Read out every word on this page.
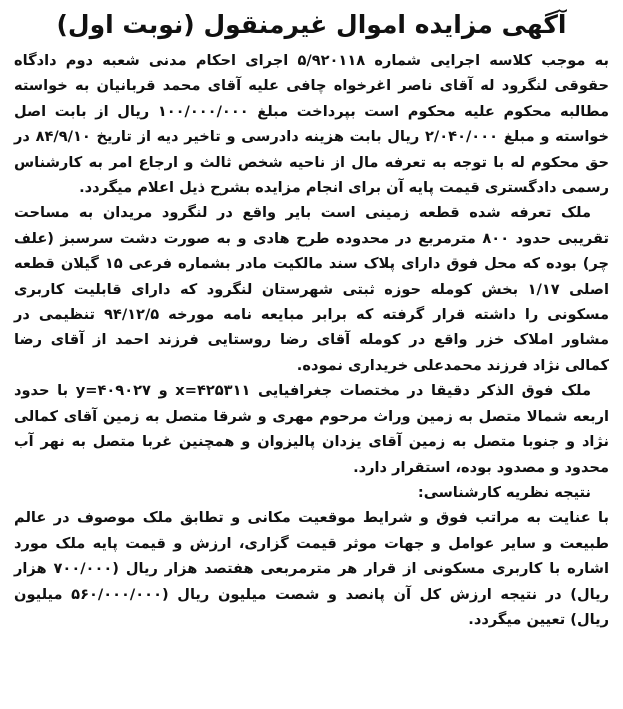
آگهی مزایده اموال غیرمنقول (نوبت اول)

به موجب کلاسه اجرایی شماره ۵/۹۲۰۱۱۸ اجرای احکام مدنی شعبه دوم دادگاه حقوقی لنگرود له آقای ناصر اغرخواه چافی علیه آقای محمد قربانیان به خواسته مطالبه محکوم علیه محکوم است بپرداخت مبلغ ۱۰۰/۰۰۰/۰۰۰ ریال از بابت اصل خواسته و مبلغ ۲/۰۴۰/۰۰۰ ریال بابت هزینه دادرسی و تاخیر دیه از تاریخ ۸۴/۹/۱۰ در حق محکوم له با توجه به تعرفه مال از ناحیه شخص ثالث و ارجاع امر به کارشناس رسمی دادگستری قیمت پایه آن برای انجام مزایده بشرح ذیل اعلام میگردد.

ملک تعرفه شده قطعه زمینی است بایر واقع در لنگرود مریدان به مساحت تقریبی حدود ۸۰۰ مترمربع در محدوده طرح هادی و به صورت دشت سرسبز (علف چر) بوده که محل فوق دارای پلاک سند مالکیت مادر بشماره فرعی ۱۵ گیلان قطعه اصلی ۱/۱۷ بخش کومله حوزه ثبتی شهرستان لنگرود که دارای قابلیت کاربری مسکونی را داشته قرار گرفته که برابر مبایعه نامه مورخه ۹۴/۱۲/۵ تنظیمی در مشاور املاک خزر واقع در کومله آقای رضا روستایی فرزند احمد از آقای رضا کمالی نژاد فرزند محمدعلی خریداری نموده.

ملک فوق الذکر دقیقا در مختصات جغرافیایی x=۴۲۵۳۱۱ و y=۴۰۹۰۲۷ با حدود اربعه شمالا متصل به زمین وراث مرحوم مهری و شرقا متصل به زمین آقای کمالی نژاد و جنوبا متصل به زمین آقای یزدان پالیزوان و همچنین غربا متصل به نهر آب محدود و مصدود بوده، استقرار دارد.

نتیجه نظریه کارشناسی:

با عنایت به مراتب فوق و شرایط موقعیت مکانی و تطابق ملک موصوف در عالم طبیعت و سایر عوامل و جهات موثر قیمت گزاری، ارزش و قیمت پایه ملک مورد اشاره با کاربری مسکونی از قرار هر مترمربعی هفتصد هزار ریال (۷۰۰/۰۰۰ هزار ریال) در نتیجه ارزش کل آن پانصد و شصت میلیون ریال (۵۶۰/۰۰۰/۰۰۰ میلیون ریال) تعیین میگردد.
